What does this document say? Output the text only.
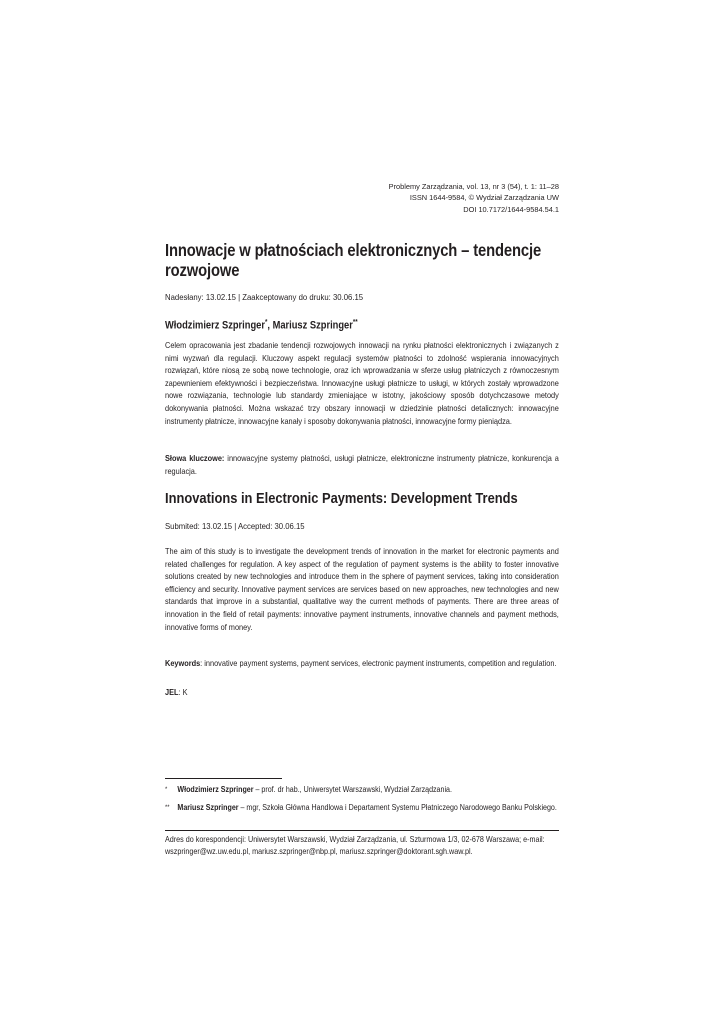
Problemy Zarządzania, vol. 13, nr 3 (54), t. 1: 11–28
ISSN 1644-9584, © Wydział Zarządzania UW
DOI 10.7172/1644-9584.54.1
Innowacje w płatnościach elektronicznych – tendencje rozwojowe
Nadesłany: 13.02.15 | Zaakceptowany do druku: 30.06.15
Włodzimierz Szpringer*, Mariusz Szpringer**
Celem opracowania jest zbadanie tendencji rozwojowych innowacji na rynku płatności elektronicznych i związanych z nimi wyzwań dla regulacji. Kluczowy aspekt regulacji systemów płatności to zdolność wspierania innowacyjnych rozwiązań, które niosą ze sobą nowe technologie, oraz ich wprowadzania w sferze usług płatniczych z równoczesnym zapewnieniem efektywności i bezpieczeństwa. Innowacyjne usługi płatnicze to usługi, w których zostały wprowadzone nowe rozwiązania, technologie lub standardy zmieniające w istotny, jakościowy sposób dotychczasowe metody dokonywania płatności. Można wskazać trzy obszary innowacji w dziedzinie płatności detalicznych: innowacyjne instrumenty płatnicze, innowacyjne kanały i sposoby dokonywania płatności, innowacyjne formy pieniądza.
Słowa kluczowe: innowacyjne systemy płatności, usługi płatnicze, elektroniczne instrumenty płatnicze, konkurencja a regulacja.
Innovations in Electronic Payments: Development Trends
Submited: 13.02.15 | Accepted: 30.06.15
The aim of this study is to investigate the development trends of innovation in the market for electronic payments and related challenges for regulation. A key aspect of the regulation of payment systems is the ability to foster innovative solutions created by new technologies and introduce them in the sphere of payment services, taking into consideration efficiency and security. Innovative payment services are services based on new approaches, new technologies and new standards that improve in a substantial, qualitative way the current methods of payments. There are three areas of innovation in the field of retail payments: innovative payment instruments, innovative channels and payment methods, innovative forms of money.
Keywords: innovative payment systems, payment services, electronic payment instruments, competition and regulation.
JEL: K
* Włodzimierz Szpringer – prof. dr hab., Uniwersytet Warszawski, Wydział Zarządzania.
** Mariusz Szpringer – mgr, Szkoła Główna Handlowa i Departament Systemu Płatniczego Narodowego Banku Polskiego.
Adres do korespondencji: Uniwersytet Warszawski, Wydział Zarządzania, ul. Szturmowa 1/3, 02-678 Warszawa; e-mail: wszpringer@wz.uw.edu.pl, mariusz.szpringer@nbp.pl, mariusz.szpringer@doktorant.sgh.waw.pl.
